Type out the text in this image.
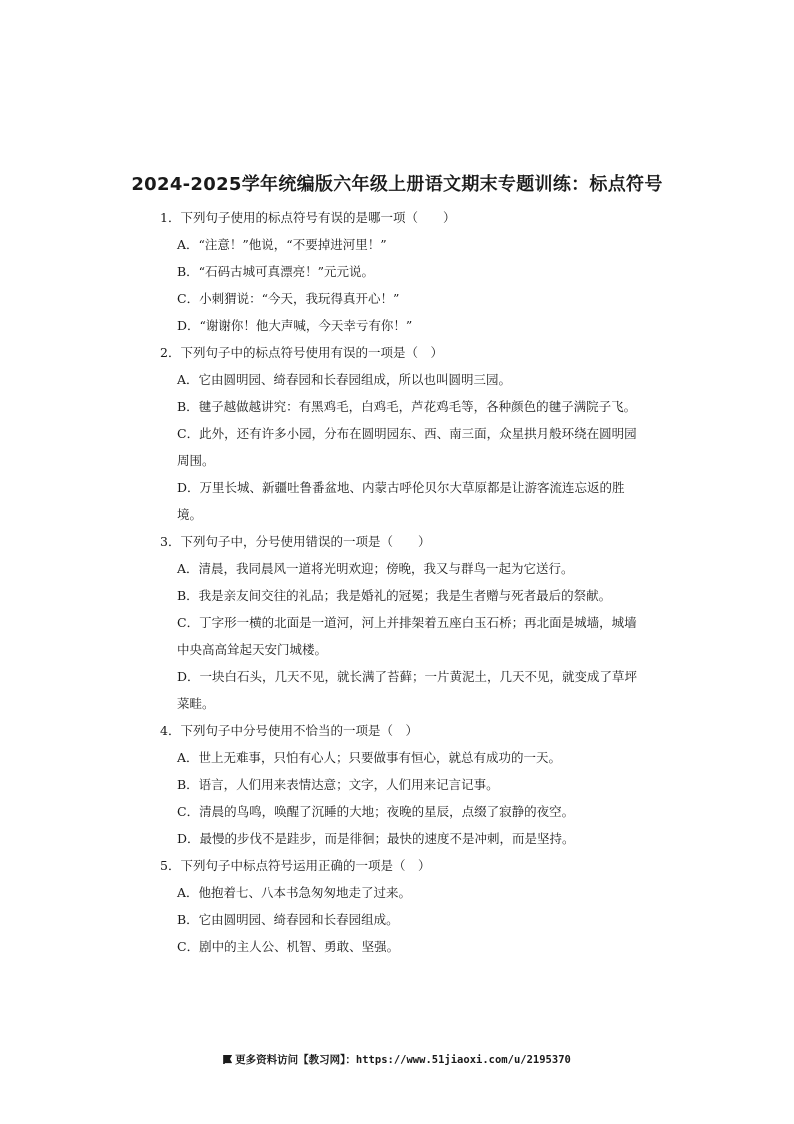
2024-2025学年统编版六年级上册语文期末专题训练：标点符号
1．下列句子使用的标点符号有误的是哪一项（　　）
A．“注意！”他说，“不要掉进河里！”
B．“石码古城可真漂亮！”元元说。
C．小刺猬说：“今天，我玩得真开心！”
D．“谢谢你！他大声喊，今天幸亏有你！”
2．下列句子中的标点符号使用有误的一项是（　）
A．它由圆明园、绮春园和长春园组成，所以也叫圆明三园。
B．毽子越做越讲究：有黑鸡毛，白鸡毛，芦花鸡毛等，各种颜色的毽子满院子飞。
C．此外，还有许多小园，分布在圆明园东、西、南三面，众星拱月般环绕在圆明园周围。
D．万里长城、新疆吐鲁番盆地、内蒙古呼伦贝尔大草原都是让游客流连忘返的胜境。
3．下列句子中，分号使用错误的一项是（　　）
A．清晨，我同晨风一道将光明欢迎；傍晚，我又与群鸟一起为它送行。
B．我是亲友间交往的礼品；我是婚礼的冠冕；我是生者赠与死者最后的祭献。
C．丁字形一横的北面是一道河，河上并排架着五座白玉石桥；再北面是城墙，城墙中央高高耸起天安门城楼。
D．一块白石头，几天不见，就长满了苔藓；一片黄泥土，几天不见，就变成了草坪菜畦。
4．下列句子中分号使用不恰当的一项是（　）
A．世上无难事，只怕有心人；只要做事有恒心，就总有成功的一天。
B．语言，人们用来表情达意；文字，人们用来记言记事。
C．清晨的鸟鸣，唤醒了沉睡的大地；夜晚的星辰，点缀了寂静的夜空。
D．最慢的步伐不是跬步，而是徘徊；最快的速度不是冲刺，而是坚持。
5．下列句子中标点符号运用正确的一项是（　）
A．他抱着七、八本书急匆匆地走了过来。
B．它由圆明园、绮春园和长春园组成。
C．剧中的主人公、机智、勇敢、坚强。
更多资料访问【教习网】：https://www.51jiaoxi.com/u/2195370
